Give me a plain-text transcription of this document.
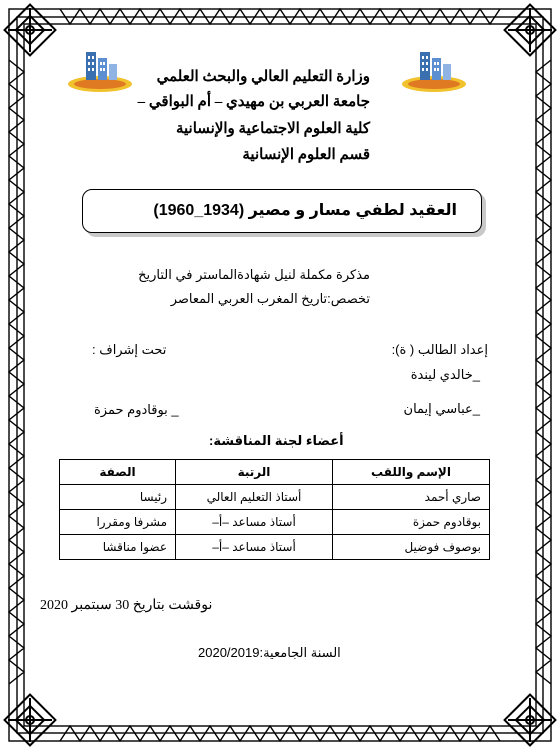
وزارة التعليم العالي والبحث العلمي
جامعة العربي بن مهيدي – أم البواقي –
كلية العلوم الاجتماعية والإنسانية
قسم العلوم الإنسانية
العقيد لطفي مسار و مصير (1934_1960)
مذكرة مكملة لنيل شهادةالماستر في التاريخ
تخصص:تاريخ المغرب العربي المعاصر
إعداد الطالب ( ة):
_خالدي ليندة
_عباسي إيمان
تحت إشراف :
_ بوقادوم حمزة
أعضاء لجنة المناقشة:
الإسم واللقب	الرتبة	الصفة
صاري أحمد	أستاذ التعليم العالي	رئيسا
بوقادوم حمزة	أستاذ مساعد –أ–	مشرفا ومقررا
بوصوف فوضيل	أستاذ مساعد –أ–	عضوا مناقشا
نوقشت بتاريخ 30 سبتمبر 2020
السنة الجامعية:2020/2019
